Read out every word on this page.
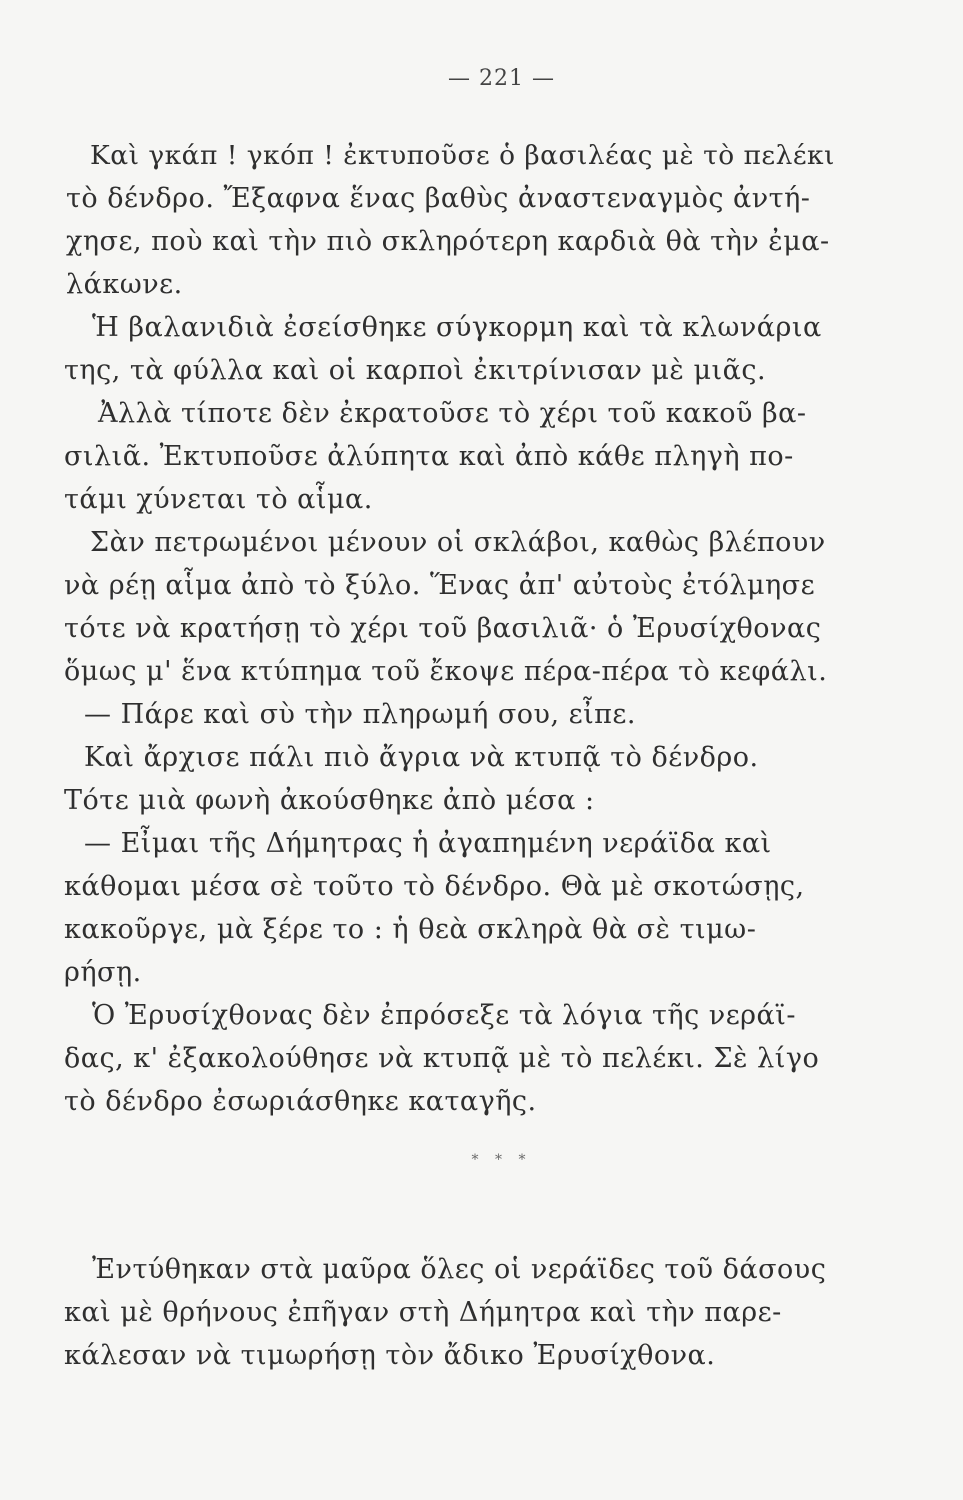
— 221 —
Καὶ γκάπ ! γκόπ ! ἐκτυποῦσε ὁ βασιλέας μὲ τὸ πελέκι
τὸ δένδρο. Ἔξαφνα ἕνας βαθὺς ἀναστεναγμὸς ἀντή-
χησε, ποὺ καὶ τὴν πιὸ σκληρότερη καρδιὰ θὰ τὴν ἐμα-
λάκωνε.
Ἡ βαλανιδιὰ ἐσείσθηκε σύγκορμη καὶ τὰ κλωνάρια
της, τὰ φύλλα καὶ οἱ καρποὶ ἐκιτρίνισαν μὲ μιᾶς.
Ἀλλὰ τίποτε δὲν ἐκρατοῦσε τὸ χέρι τοῦ κακοῦ βα-
σιλιᾶ. Ἐκτυποῦσε ἀλύπητα καὶ ἀπὸ κάθε πληγὴ πο-
τάμι χύνεται τὸ αἷμα.
Σὰν πετρωμένοι μένουν οἱ σκλάβοι, καθὼς βλέπουν
νὰ ρέῃ αἷμα ἀπὸ τὸ ξύλο. Ἕνας ἀπ' αὐτοὺς ἐτόλμησε
τότε νὰ κρατήσῃ τὸ χέρι τοῦ βασιλιᾶ· ὁ Ἐρυσίχθονας
ὅμως μ' ἕνα κτύπημα τοῦ ἔκοψε πέρα-πέρα τὸ κεφάλι.
— Πάρε καὶ σὺ τὴν πληρωμή σου, εἶπε.
Καὶ ἄρχισε πάλι πιὸ ἄγρια νὰ κτυπᾷ τὸ δένδρο.
Τότε μιὰ φωνὴ ἀκούσθηκε ἀπὸ μέσα :
— Εἶμαι τῆς Δήμητρας ἡ ἀγαπημένη νεράϊδα καὶ
κάθομαι μέσα σὲ τοῦτο τὸ δένδρο. Θὰ μὲ σκοτώσῃς,
κακοῦργε, μὰ ξέρε το : ἡ θεὰ σκληρὰ θὰ σὲ τιμω-
ρήσῃ.
Ὁ Ἐρυσίχθονας δὲν ἐπρόσεξε τὰ λόγια τῆς νεράϊ-
δας, κ' ἐξακολούθησε νὰ κτυπᾷ μὲ τὸ πελέκι. Σὲ λίγο
τὸ δένδρο ἐσωριάσθηκε καταγῆς.
* * *
Ἐντύθηκαν στὰ μαῦρα ὅλες οἱ νεράϊδες τοῦ δάσους
καὶ μὲ θρήνους ἐπῆγαν στὴ Δήμητρα καὶ τὴν παρε-
κάλεσαν νὰ τιμωρήσῃ τὸν ἄδικο Ἐρυσίχθονα.
